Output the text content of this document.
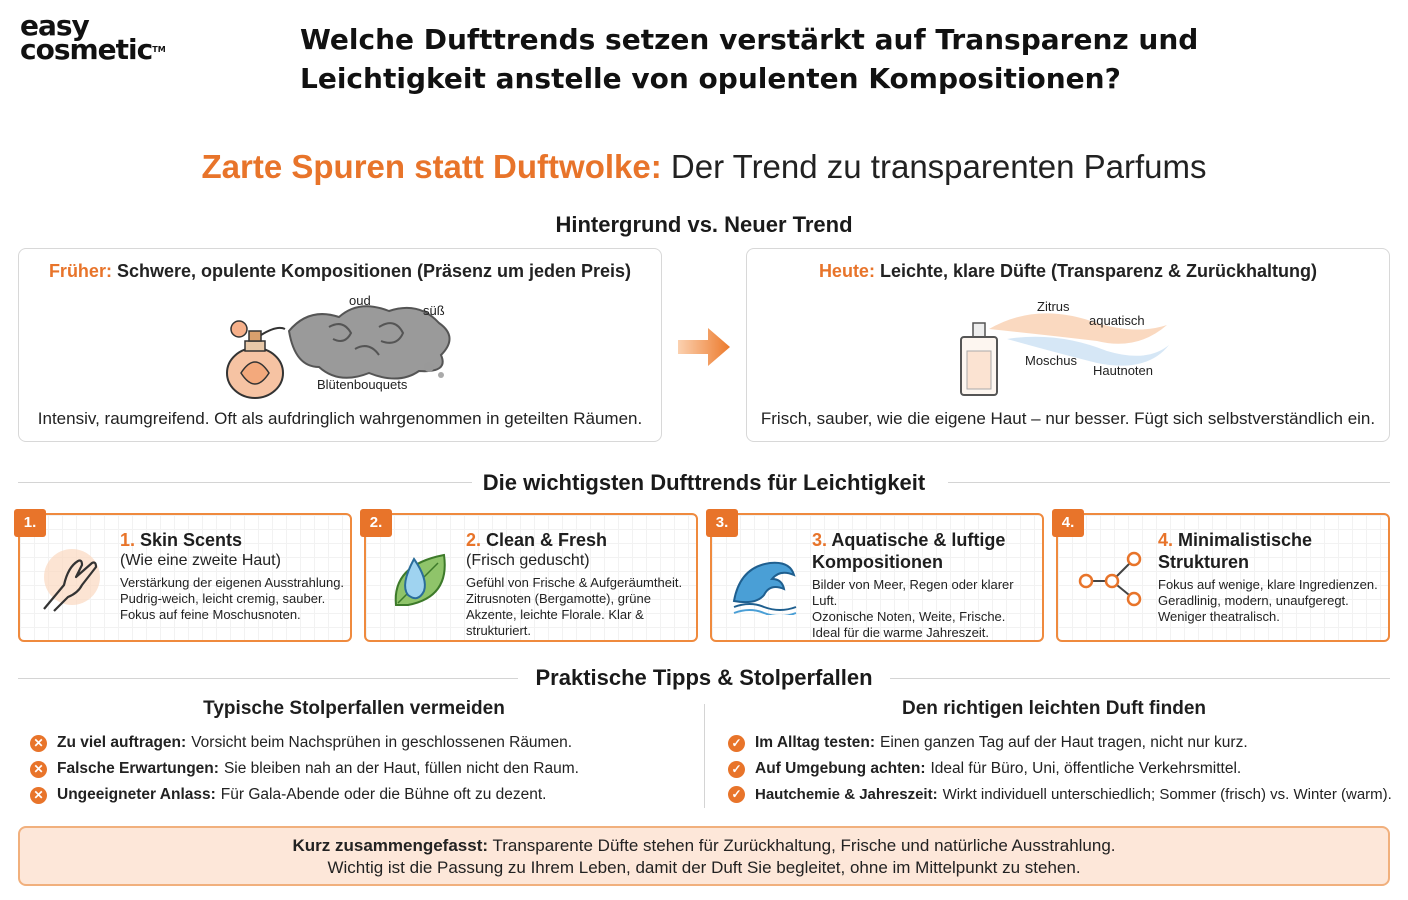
easy
cosmetic™	Welche Dufttrends setzen verstärkt auf Transparenz und
Leichtigkeit anstelle von opulenten Kompositionen?
Zarte Spuren statt Duftwolke: Der Trend zu transparenten Parfums
Hintergrund vs. Neuer Trend
Früher: Schwere, opulente Kompositionen (Präsenz um jeden Preis)
oud
süß
Blütenbouquets
Intensiv, raumgreifend. Oft als aufdringlich wahrgenommen in geteilten Räumen.
Heute: Leichte, klare Düfte (Transparenz & Zurückhaltung)
Zitrus
aquatisch
Moschus
Hautnoten
Frisch, sauber, wie die eigene Haut – nur besser. Fügt sich selbstverständlich ein.
Die wichtigsten Dufttrends für Leichtigkeit
1.
1. Skin Scents
(Wie eine zweite Haut)
Verstärkung der eigenen Ausstrahlung.
Pudrig-weich, leicht cremig, sauber.
Fokus auf feine Moschusnoten.
2.
2. Clean & Fresh
(Frisch geduscht)
Gefühl von Frische & Aufgeräumtheit.
Zitrusnoten (Bergamotte), grüne
Akzente, leichte Florale. Klar & strukturiert.
3.
3. Aquatische & luftige Kompositionen
Bilder von Meer, Regen oder klarer Luft.
Ozonische Noten, Weite, Frische.
Ideal für die warme Jahreszeit.
4.
4. Minimalistische Strukturen
Fokus auf wenige, klare Ingredienzen.
Geradlinig, modern, unaufgeregt.
Weniger theatralisch.
Praktische Tipps & Stolperfallen
Typische Stolperfallen vermeiden	Den richtigen leichten Duft finden
✕ Zu viel auftragen: Vorsicht beim Nachsprühen in geschlossenen Räumen.
✕ Falsche Erwartungen: Sie bleiben nah an der Haut, füllen nicht den Raum.
✕ Ungeeigneter Anlass: Für Gala-Abende oder die Bühne oft zu dezent.
✓ Im Alltag testen: Einen ganzen Tag auf der Haut tragen, nicht nur kurz.
✓ Auf Umgebung achten: Ideal für Büro, Uni, öffentliche Verkehrsmittel.
✓ Hautchemie & Jahreszeit: Wirkt individuell unterschiedlich; Sommer (frisch) vs. Winter (warm).
Kurz zusammengefasst: Transparente Düfte stehen für Zurückhaltung, Frische und natürliche Ausstrahlung.
Wichtig ist die Passung zu Ihrem Leben, damit der Duft Sie begleitet, ohne im Mittelpunkt zu stehen.
